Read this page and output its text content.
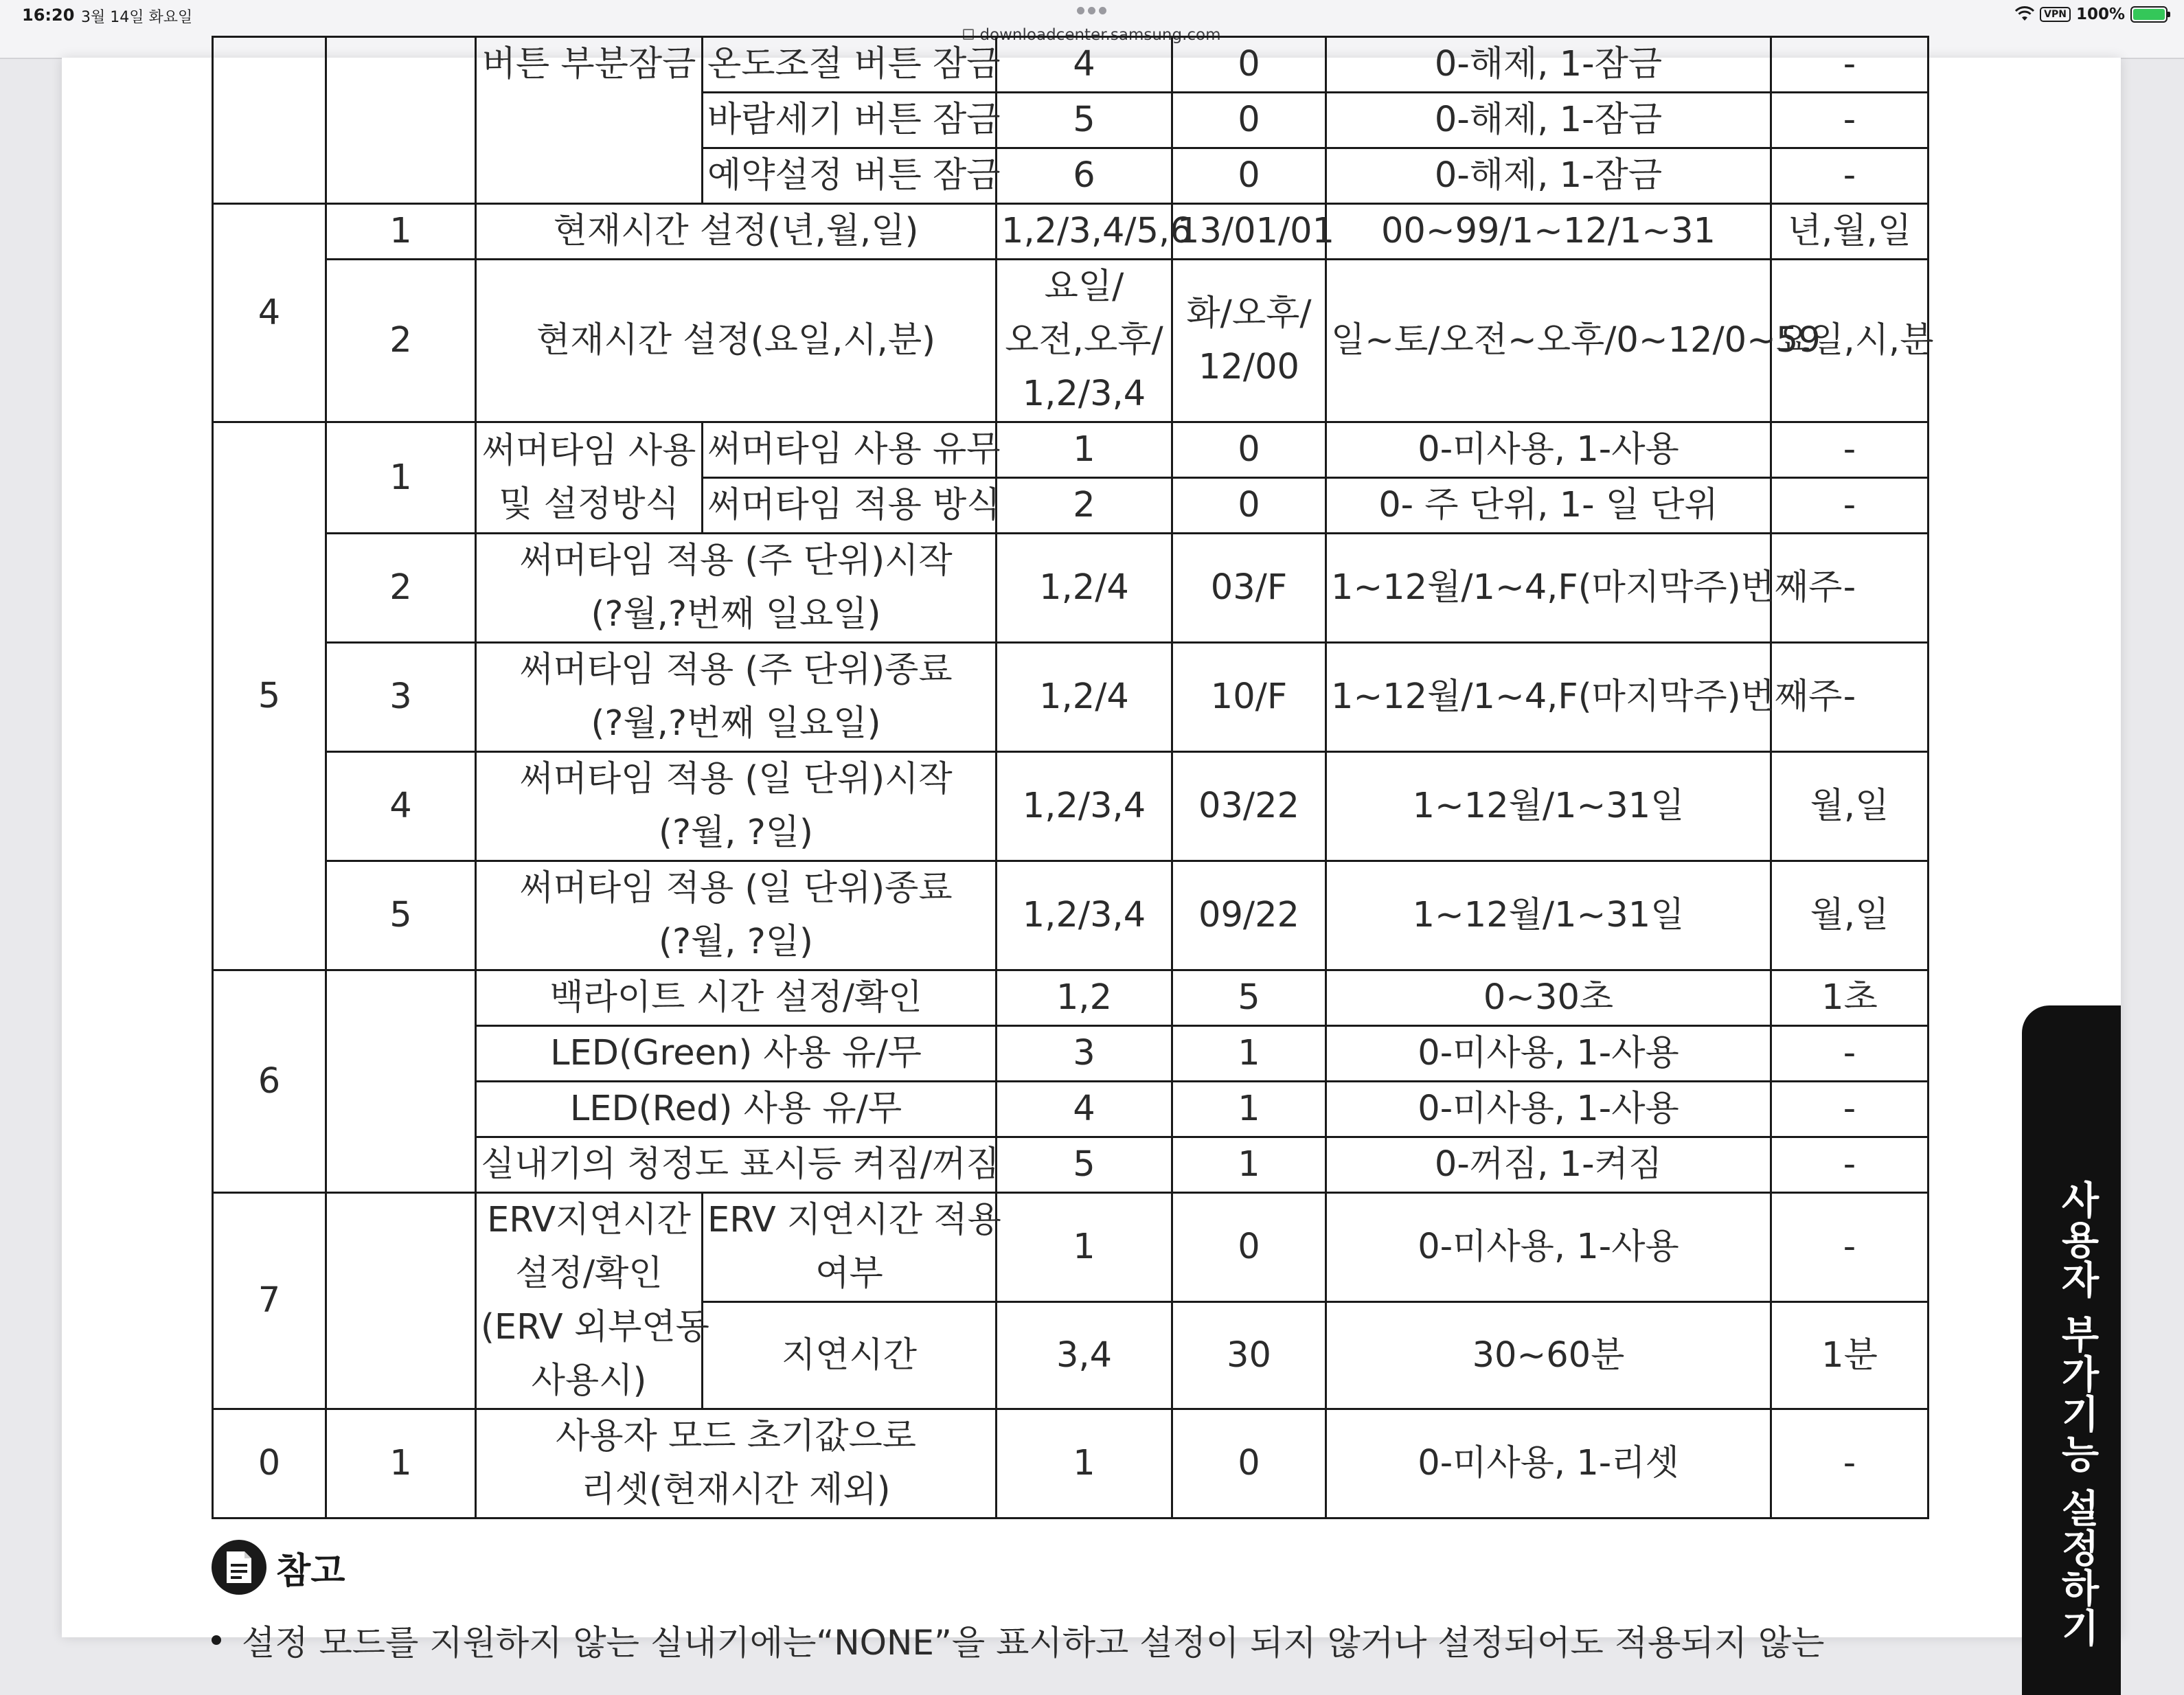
16:20 3월 14일 화요일
downloadcenter.samsung.com
VPN 100%
		버튼 부분잠금	온도조절 버튼 잠금	4	0	0-해제, 1-잠금	-
			바람세기 버튼 잠금	5	0	0-해제, 1-잠금	-
			예약설정 버튼 잠금	6	0	0-해제, 1-잠금	-
4	1	현재시간 설정(년,월,일)		1,2/3,4/5,6	13/01/01	00~99/1~12/1~31	년,월,일
	2	현재시간 설정(요일,시,분)		요일/
오전,오후/
1,2/3,4	화/오후/
12/00	일~토/오전~오후/0~12/0~59	요일,시,분
5	1	써머타임 사용
및 설정방식	써머타임 사용 유무	1	0	0-미사용, 1-사용	-
			써머타임 적용 방식	2	0	0- 주 단위, 1- 일 단위	-
	2	써머타임 적용 (주 단위)시작
(?월,?번째 일요일)		1,2/4	03/F	1~12월/1~4,F(마지막주)번째주	-
	3	써머타임 적용 (주 단위)종료
(?월,?번째 일요일)		1,2/4	10/F	1~12월/1~4,F(마지막주)번째주	-
	4	써머타임 적용 (일 단위)시작
(?월, ?일)		1,2/3,4	03/22	1~12월/1~31일	월,일
	5	써머타임 적용 (일 단위)종료
(?월, ?일)		1,2/3,4	09/22	1~12월/1~31일	월,일
6		백라이트 시간 설정/확인		1,2	5	0~30초	1초
		LED(Green) 사용 유/무		3	1	0-미사용, 1-사용	-
		LED(Red) 사용 유/무		4	1	0-미사용, 1-사용	-
		실내기의 청정도 표시등 켜짐/꺼짐		5	1	0-꺼짐, 1-켜짐	-
7		ERV지연시간
설정/확인
(ERV 외부연동
사용시)	ERV 지연시간 적용
여부	1	0	0-미사용, 1-사용	-
			지연시간	3,4	30	30~60분	1분
0	1	사용자 모드 초기값으로
리셋(현재시간 제외)		1	0	0-미사용, 1-리셋	-
참고
설정 모드를 지원하지 않는 실내기에는“NONE”을 표시하고 설정이 되지 않거나 설정되어도 적용되지 않는	사용자 부가기능 설정하기
